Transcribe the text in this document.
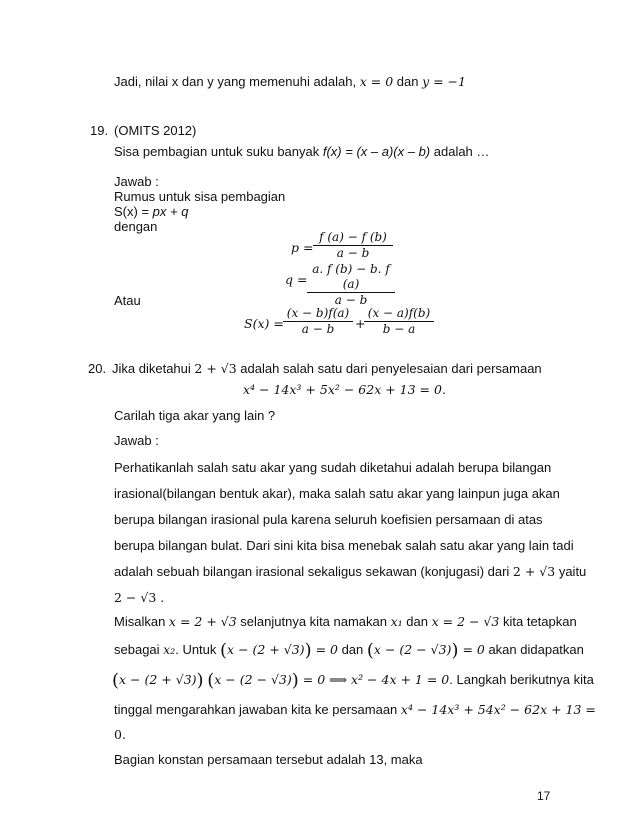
Jadi, nilai x dan y yang memenuhi adalah, x = 0 dan y = −1
19. (OMITS 2012)
Sisa pembagian untuk suku banyak f(x) = (x – a)(x – b) adalah …
Jawab :
Rumus untuk sisa pembagian
S(x) = px + q
dengan
$p = \frac{f (a) - f (b)}{a - b}$
$q = \frac{a. f (b) - b. f (a)}{a - b}$
Atau
$S(x) = \frac{(x - b)f(a)}{a - b}$ +
$\frac{(x - a)f(b)}{b - a}$
20. Jika diketahui 2 + √3 adalah salah satu dari penyelesaian dari persamaan
x⁴ − 14x³ + 5x² − 62x + 13 = 0.
Carilah tiga akar yang lain ?
Jawab :
Perhatikanlah salah satu akar yang sudah diketahui adalah berupa bilangan
irasional(bilangan bentuk akar), maka salah satu akar yang lainpun juga akan
berupa bilangan irasional pula karena seluruh koefisien persamaan di atas
berupa bilangan bulat. Dari sini kita bisa menebak salah satu akar yang lain tadi
adalah sebuah bilangan irasional sekaligus sekawan (konjugasi) dari 2 + √3 yaitu
2 − √3 .
Misalkan x = 2 + √3 selanjutnya kita namakan x₁ dan x = 2 − √3 kita tetapkan
sebagai x₂. Untuk (x − (2 + √3)) = 0 dan (x − (2 − √3)) = 0 akan didapatkan
(x − (2 + √3)) (x − (2 − √3)) = 0 ⟹ x² − 4x + 1 = 0. Langkah berikutnya kita
tinggal mengarahkan jawaban kita ke persamaan x⁴ − 14x³ + 54x² − 62x + 13 =
0.
Bagian konstan persamaan tersebut adalah 13, maka
17
